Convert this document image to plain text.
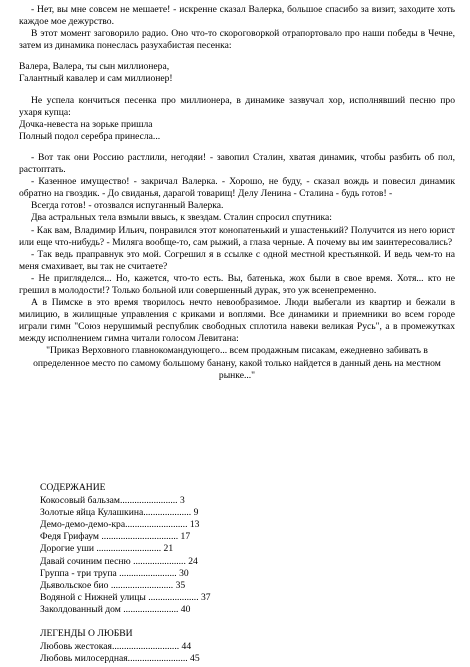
- Нет, вы мне совсем не мешаете! - искренне сказал Валерка, большое спасибо за визит, заходите хоть каждое мое дежурство.

В этот момент заговорило радио. Оно что-то скороговоркой отрапортовало про наши победы в Чечне, затем из динамика понеслась разухабистая песенка:

Валера, Валера, ты сын миллионера,

Галантный кавалер и сам миллионер!

Не успела кончиться песенка про миллионера, в динамике зазвучал хор, исполнявший песню про ухаря купца:

Дочка-невеста на зорьке пришла

Полный подол серебра принесла...

- Вот так они Россию растлили, негодяи! - завопил Сталин, хватая динамик, чтобы разбить об пол, растоптать.

- Казенное имущество! - закричал Валерка. - Хорошо, не буду, - сказал вождь и повесил динамик обратно на гвоздик. - До свиданья, дарагой товарищ! Делу Ленина - Сталина - будь готов! -

Всегда готов! - отозвался испуганный Валерка.

Два астральных тела взмыли ввысь, к звездам. Сталин спросил спутника:

- Как вам, Владимир Ильич, понравился этот конопатенький и ушастенький? Получится из него юрист или еще что-нибудь? - Миляга вообще-то, сам рыжий, а глаза черные. А почему вы им заинтересовались?

- Так ведь праправнук это мой. Согрешил я в ссылке с одной местной крестьянкой. И ведь чем-то на меня смахивает, вы так не считаете?

- Не пригляделся... Но, кажется, что-то есть. Вы, батенька, жох были в свое время. Хотя... кто не грешил в молодости!? Только больной или совершенный дурак, это уж всенепременно.

А в Пимске в это время творилось нечто невообразимое. Люди выбегали из квартир и бежали в милицию, в жилищные управления с криками и воплями. Все динамики и приемники во всем городе играли гимн "Союз нерушимый республик свободных сплотила навеки великая Русь", а в промежутках между исполнением гимна читали голосом Левитана:

"Приказ Верховного главнокомандующего... всем продажным писакам, ежедневно забивать в определенное место по самому большому банану, какой только найдется в данный день на местном рынке..."

СОДЕРЖАНИЕ

Кокосовый бальзам........................ 3
Золотые яйца Кулашкина.................... 9
Демо-демо-демо-кра.......................... 13
Федя Грифаум ................................ 17
Дорогие уши ........................... 21
Давай сочиним песню ...................... 24
Группа - три трупа ........................ 30
Дьявольское био .......................... 35
Водяной с Нижней улицы ..................... 37
Заколдованный дом ....................... 40

ЛЕГЕНДЫ О ЛЮБВИ

Любовь жестокая............................ 44
Любовь милосердная......................... 45
